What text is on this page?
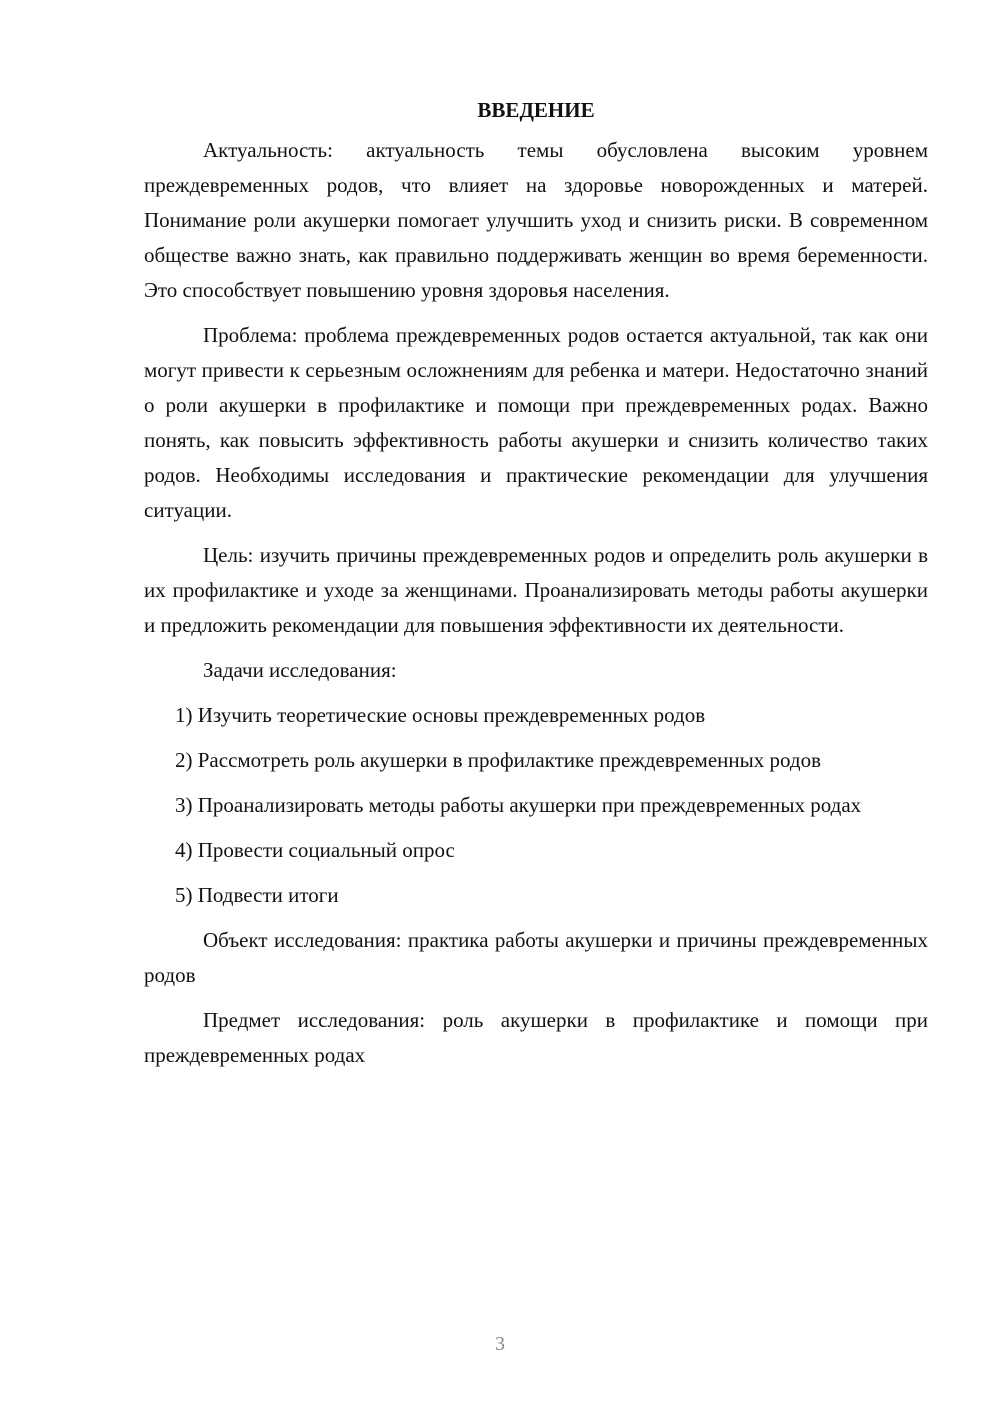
ВВЕДЕНИЕ

Актуальность: актуальность темы обусловлена высоким уровнем преждевременных родов, что влияет на здоровье новорожденных и матерей. Понимание роли акушерки помогает улучшить уход и снизить риски. В современном обществе важно знать, как правильно поддерживать женщин во время беременности. Это способствует повышению уровня здоровья населения.

Проблема: проблема преждевременных родов остается актуальной, так как они могут привести к серьезным осложнениям для ребенка и матери. Недостаточно знаний о роли акушерки в профилактике и помощи при преждевременных родах. Важно понять, как повысить эффективность работы акушерки и снизить количество таких родов. Необходимы исследования и практические рекомендации для улучшения ситуации.

Цель: изучить причины преждевременных родов и определить роль акушерки в их профилактике и уходе за женщинами. Проанализировать методы работы акушерки и предложить рекомендации для повышения эффективности их деятельности.

Задачи исследования:

1) Изучить теоретические основы преждевременных родов

2) Рассмотреть роль акушерки в профилактике преждевременных родов

3) Проанализировать методы работы акушерки при преждевременных родах

4) Провести социальный опрос

5) Подвести итоги

Объект исследования: практика работы акушерки и причины преждевременных родов

Предмет исследования: роль акушерки в профилактике и помощи при преждевременных родах

3
